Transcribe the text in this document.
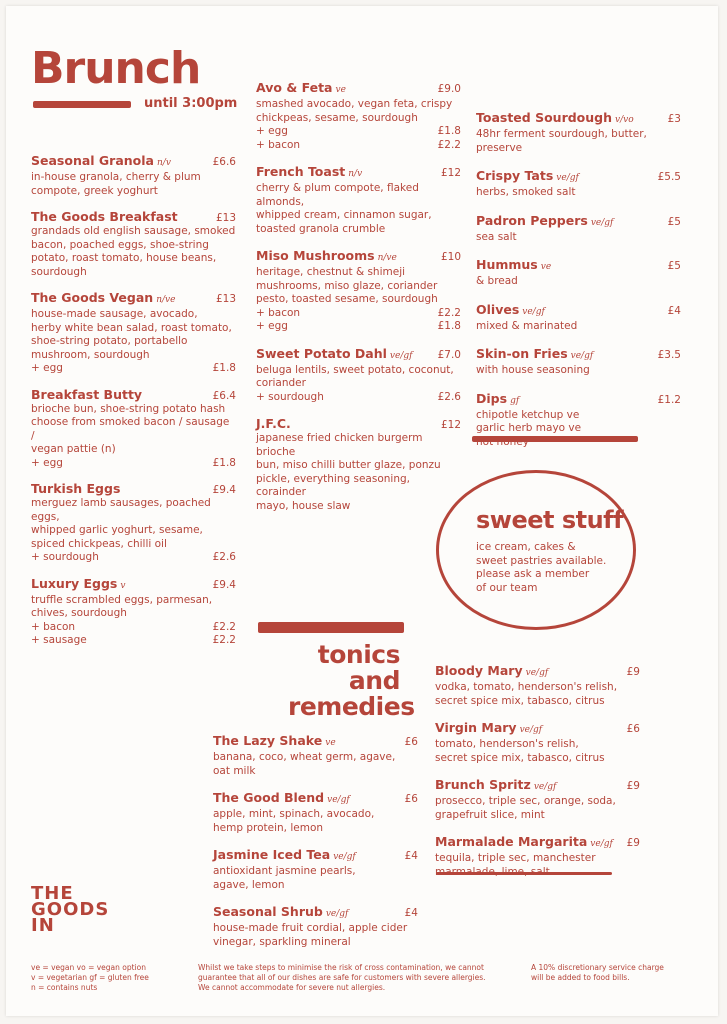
Brunch
until 3:00pm
Seasonal Granola n/v	£6.6
in-house granola, cherry & plum
compote, greek yoghurt
The Goods Breakfast	£13
grandads old english sausage, smoked
bacon, poached eggs, shoe-string
potato, roast tomato, house beans,
sourdough
The Goods Vegan n/ve	£13
house-made sausage, avocado,
herby white bean salad, roast tomato,
shoe-string potato, portabello
mushroom, sourdough
+ egg	£1.8
Breakfast Butty	£6.4
brioche bun, shoe-string potato hash
choose from smoked bacon / sausage /
vegan pattie (n)
+ egg	£1.8
Turkish Eggs	£9.4
merguez lamb sausages, poached eggs,
whipped garlic yoghurt, sesame,
spiced chickpeas, chilli oil
+ sourdough	£2.6
Luxury Eggs v	£9.4
truffle scrambled eggs, parmesan,
chives, sourdough
+ bacon	£2.2
+ sausage	£2.2
Avo & Feta ve	£9.0
smashed avocado, vegan feta, crispy
chickpeas, sesame, sourdough
+ egg	£1.8
+ bacon	£2.2
French Toast n/v	£12
cherry & plum compote, flaked almonds,
whipped cream, cinnamon sugar,
toasted granola crumble
Miso Mushrooms n/ve	£10
heritage, chestnut & shimeji
mushrooms, miso glaze, coriander
pesto, toasted sesame, sourdough
+ bacon	£2.2
+ egg	£1.8
Sweet Potato Dahl ve/gf £7.0
beluga lentils, sweet potato, coconut,
coriander
+ sourdough	£2.6
J.F.C.	£12
japanese fried chicken burgerm brioche
bun, miso chilli butter glaze, ponzu
pickle, everything seasoning, corainder
mayo, house slaw
Toasted Sourdough v/vo	£3
48hr ferment sourdough, butter,
preserve
Crispy Tats ve/gf	£5.5
herbs, smoked salt
Padron Peppers ve/gf	£5
sea salt
Hummus ve	£5
& bread
Olives ve/gf	£4
mixed & marinated
Skin-on Fries ve/gf	£3.5
with house seasoning
Dips gf	£1.2
chipotle ketchup ve
garlic herb mayo ve
sweet stuff
ice cream, cakes &
sweet pastries available.
please ask a member
of our team
tonics
and
remedies
The Lazy Shake ve	£6
banana, coco, wheat germ, agave,
oat milk
The Good Blend ve/gf	£6
apple, mint, spinach, avocado,
hemp protein, lemon
Jasmine Iced Tea ve/gf	£4
antioxidant jasmine pearls,
agave, lemon
Seasonal Shrub ve/gf	£4
house-made fruit cordial, apple cider
vinegar, sparkling mineral
Bloody Mary ve/gf	£9
vodka, tomato, henderson's relish,
secret spice mix, tabasco, citrus
Virgin Mary ve/gf	£6
tomato, henderson's relish,
secret spice mix, tabasco, citrus
Brunch Spritz ve/gf	£9
prosecco, triple sec, orange, soda,
grapefruit slice, mint
Marmalade Margarita ve/gf £9
tequila, triple sec, manchester
THE
GOODS
IN
ve = vegan vo = vegan option
v = vegetarian gf = gluten free
n = contains nuts
Whilst we take steps to minimise the risk of cross contamination, we cannot
guarantee that all of our dishes are safe for customers with severe allergies.
We cannot accommodate for severe nut allergies.
A 10% discretionary service charge
will be added to food bills.
